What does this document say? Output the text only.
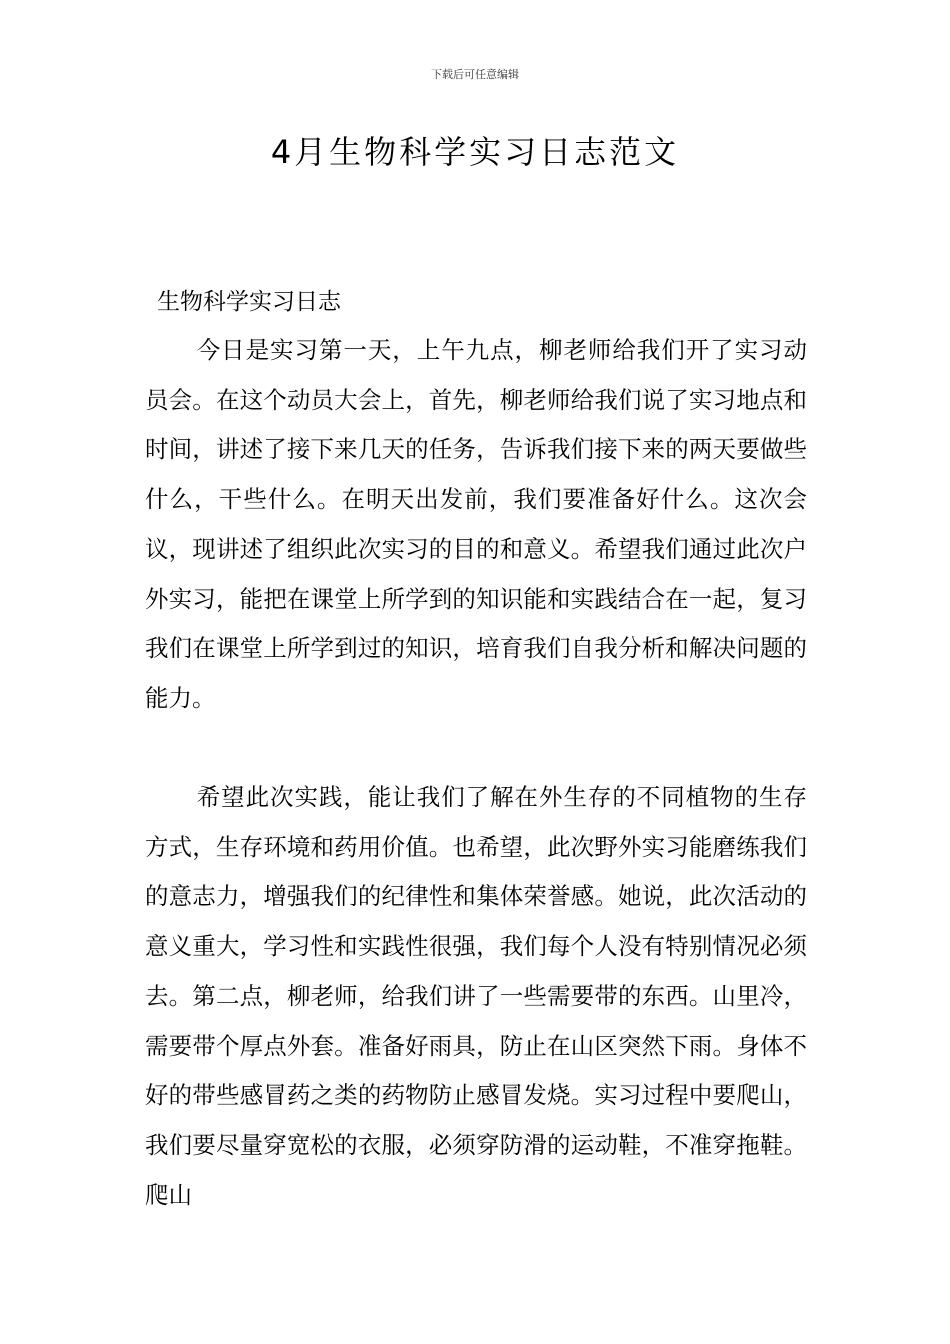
下载后可任意编辑
4月生物科学实习日志范文
生物科学实习日志

今日是实习第一天，上午九点，柳老师给我们开了实习动员会。在这个动员大会上，首先，柳老师给我们说了实习地点和时间，讲述了接下来几天的任务，告诉我们接下来的两天要做些什么，干些什么。在明天出发前，我们要准备好什么。这次会议，现讲述了组织此次实习的目的和意义。希望我们通过此次户外实习，能把在课堂上所学到的知识能和实践结合在一起，复习我们在课堂上所学到过的知识，培育我们自我分析和解决问题的能力。

希望此次实践，能让我们了解在外生存的不同植物的生存方式，生存环境和药用价值。也希望，此次野外实习能磨练我们的意志力，增强我们的纪律性和集体荣誉感。她说，此次活动的意义重大，学习性和实践性很强，我们每个人没有特别情况必须去。第二点，柳老师，给我们讲了一些需要带的东西。山里冷，需要带个厚点外套。准备好雨具，防止在山区突然下雨。身体不好的带些感冒药之类的药物防止感冒发烧。实习过程中要爬山，我们要尽量穿宽松的衣服，必须穿防滑的运动鞋，不准穿拖鞋。爬山
